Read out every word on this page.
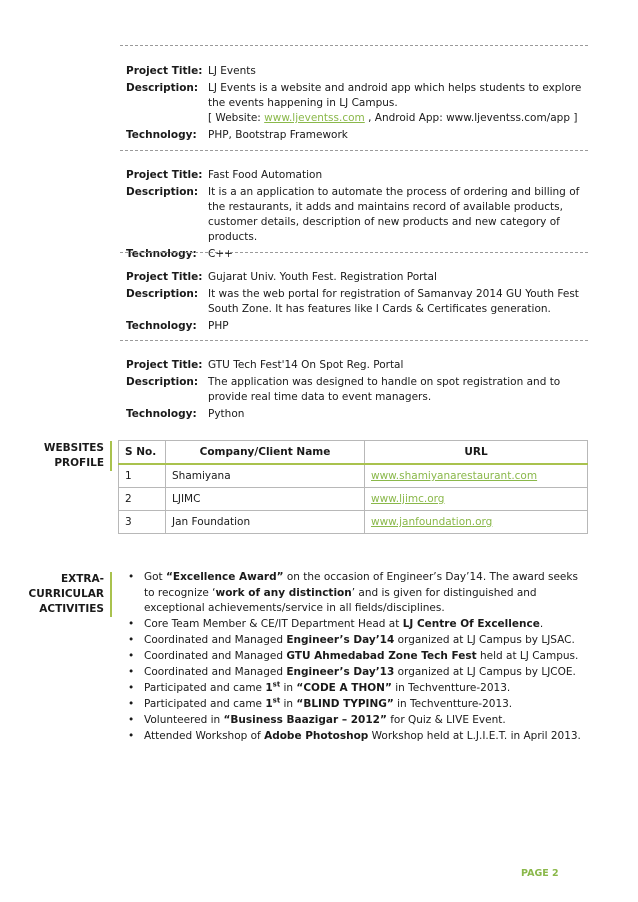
Project Title: LJ Events
Description: LJ Events is a website and android app which helps students to explore the events happening in LJ Campus.
[ Website: www.ljeventss.com , Android App: www.ljeventss.com/app ]
Technology:	PHP, Bootstrap Framework
Project Title: Fast Food Automation
Description: It is a an application to automate the process of ordering and billing of the restaurants, it adds and maintains record of available products, customer details, description of new products and new category of products.
Technology:	C++
Project Title: Gujarat Univ. Youth Fest. Registration Portal
Description: It was the web portal for registration of Samanvay 2014 GU Youth Fest South Zone. It has features like I Cards & Certificates generation.
Technology:	PHP
Project Title: GTU Tech Fest'14 On Spot Reg. Portal
Description: The application was designed to handle on spot registration and to provide real time data to event managers.
Technology:	Python
WEBSITES
PROFILE
S No.	Company/Client Name	URL
1	Shamiyana	www.shamiyanarestaurant.com
2	LJIMC	www.ljimc.org
3	Jan Foundation	www.janfoundation.org
EXTRA-
CURRICULAR
ACTIVITIES
• Got “Excellence Award” on the occasion of Engineer’s Day’14. The award seeks to recognize ‘work of any distinction’ and is given for distinguished and exceptional achievements/service in all fields/disciplines.
• Core Team Member & CE/IT Department Head at LJ Centre Of Excellence.
• Coordinated and Managed Engineer’s Day’14 organized at LJ Campus by LJSAC.
• Coordinated and Managed GTU Ahmedabad Zone Tech Fest held at LJ Campus.
• Coordinated and Managed Engineer’s Day’13 organized at LJ Campus by LJCOE.
• Participated and came 1st in “CODE A THON” in Techventture-2013.
• Participated and came 1st in “BLIND TYPING” in Techventture-2013.
• Volunteered in “Business Baazigar – 2012” for Quiz & LIVE Event.
• Attended Workshop of Adobe Photoshop Workshop held at L.J.I.E.T. in April 2013.
PAGE 2
